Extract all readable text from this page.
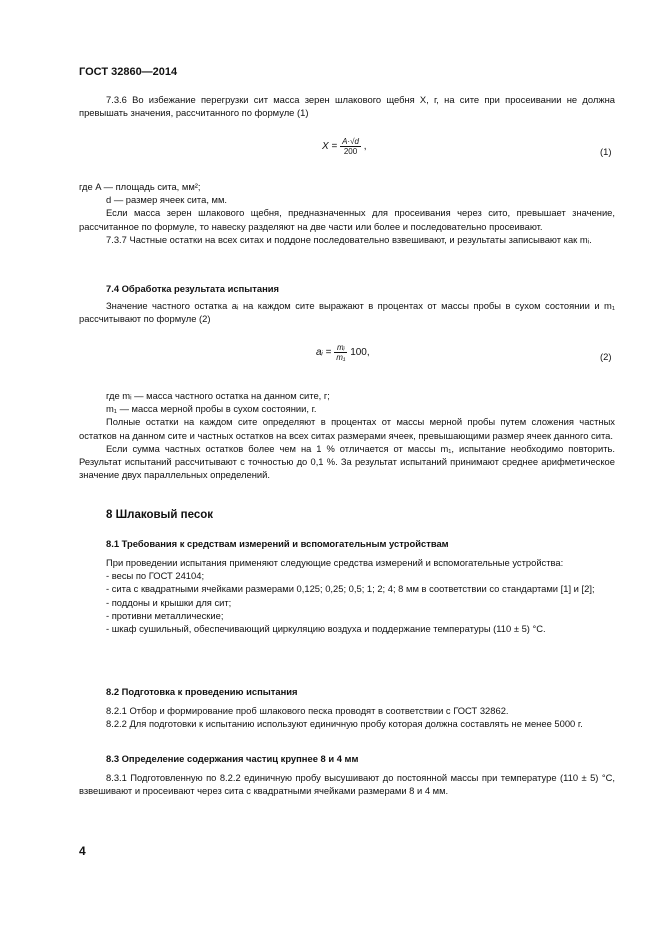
ГОСТ 32860—2014
7.3.6 Во избежание перегрузки сит масса зерен шлакового щебня X, г, на сите при просеивании не должна превышать значения, рассчитанного по формуле (1)
$X = \frac{A\cdot√d}{200}$ ,	(1)
где A — площадь сита, мм²;
d — размер ячеек сита, мм.
Если масса зерен шлакового щебня, предназначенных для просеивания через сито, превышает значение, рассчитанное по формуле, то навеску разделяют на две части или более и последовательно просеивают.
7.3.7 Частные остатки на всех ситах и поддоне последовательно взвешивают, и результаты записывают как mᵢ.
7.4 Обработка результата испытания
Значение частного остатка aᵢ на каждом сите выражают в процентах от массы пробы в сухом состоянии и m₁ рассчитывают по формуле (2)
aᵢ = $\frac{\text{mᵢ}}{\text{m₁}} 100$,	(2)
где mᵢ — масса частного остатка на данном сите, г;
m₁ — масса мерной пробы в сухом состоянии, г.
Полные остатки на каждом сите определяют в процентах от массы мерной пробы путем сложения частных остатков на данном сите и частных остатков на всех ситах размерами ячеек, превышающими размер ячеек данного сита.
Если сумма частных остатков более чем на 1 % отличается от массы m₁, испытание необходимо повторить. Результат испытаний рассчитывают с точностью до 0,1 %. За результат испытаний принимают среднее арифметическое значение двух параллельных определений.
8 Шлаковый песок
8.1 Требования к средствам измерений и вспомогательным устройствам
При проведении испытания применяют следующие средства измерений и вспомогательные устройства:
- весы по ГОСТ 24104;
- сита с квадратными ячейками размерами 0,125; 0,25; 0,5; 1; 2; 4; 8 мм в соответствии со стандартами [1] и [2];
- поддоны и крышки для сит;
- противни металлические;
- шкаф сушильный, обеспечивающий циркуляцию воздуха и поддержание температуры (110 ± 5) °С.
8.2 Подготовка к проведению испытания
8.2.1 Отбор и формирование проб шлакового песка проводят в соответствии с ГОСТ 32862.
8.2.2 Для подготовки к испытанию используют единичную пробу которая должна составлять не менее 5000 г.
8.3 Определение содержания частиц крупнее 8 и 4 мм
8.3.1 Подготовленную по 8.2.2 единичную пробу высушивают до постоянной массы при температуре (110 ± 5) °С, взвешивают и просеивают через сита с квадратными ячейками размерами 8 и 4 мм.
4
